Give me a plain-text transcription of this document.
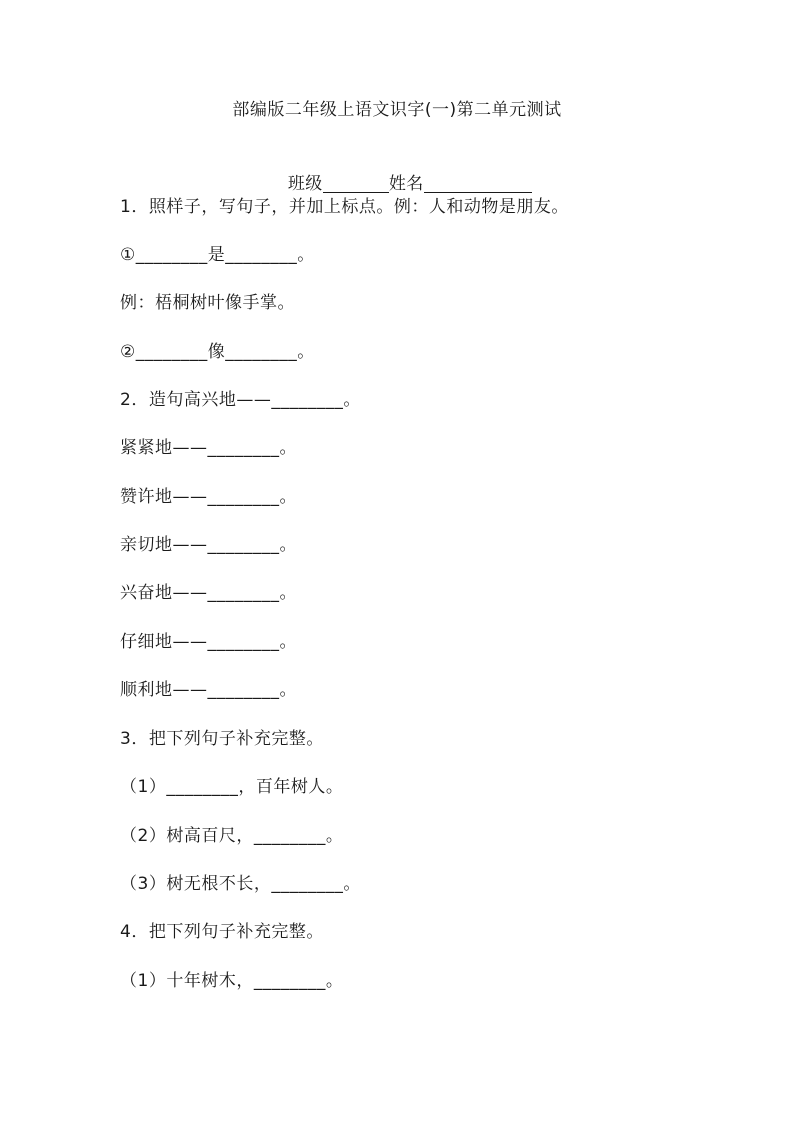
部编版二年级上语文识字(一)第二单元测试

班级	姓名

1．照样子，写句子，并加上标点。例：人和动物是朋友。
①________是________。
例：梧桐树叶像手掌。
②________像________。
2．造句高兴地——________。
紧紧地——________。
赞许地——________。
亲切地——________。
兴奋地——________。
仔细地——________。
顺利地——________。
3．把下列句子补充完整。
（1）________，百年树人。
（2）树高百尺，________。
（3）树无根不长，________。
4．把下列句子补充完整。
（1）十年树木，________。
